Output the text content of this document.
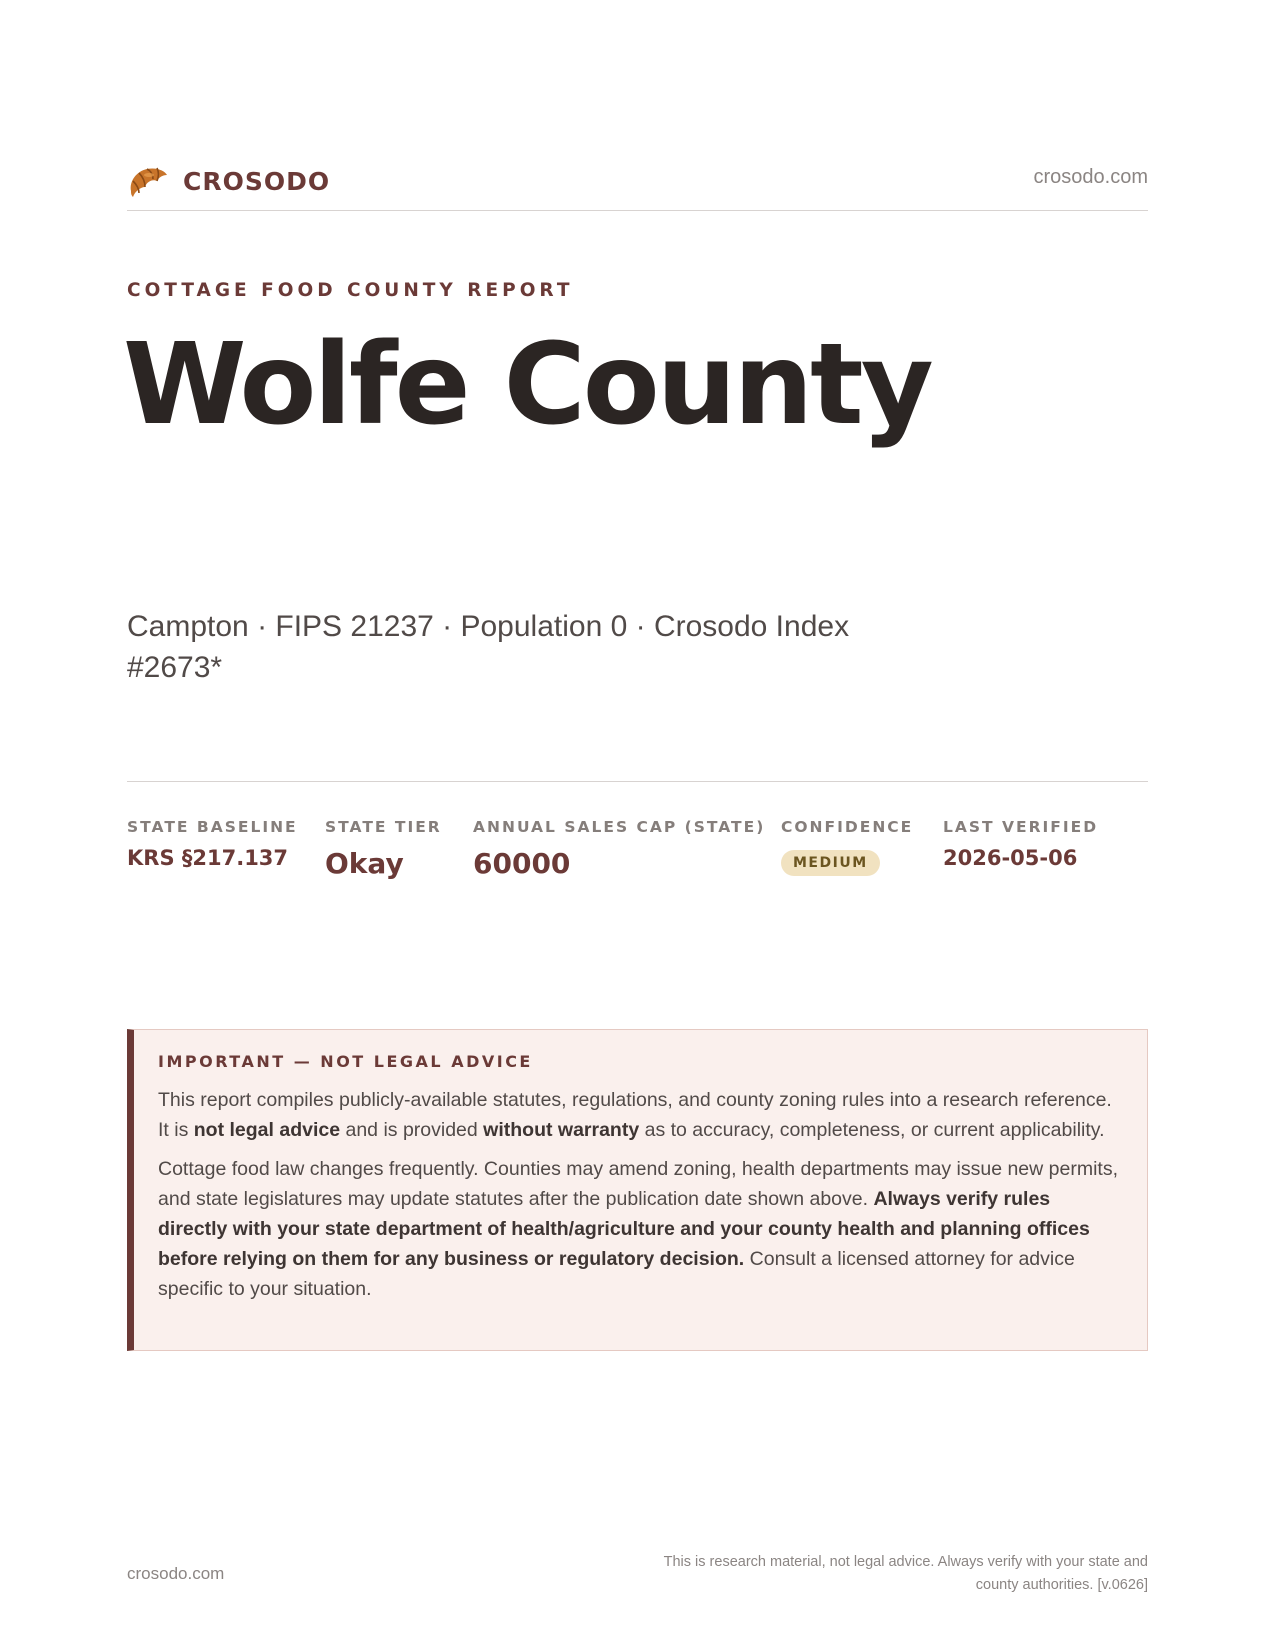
CROSODO	crosodo.com
COTTAGE FOOD COUNTY REPORT
Wolfe County
Campton · FIPS 21237 · Population 0 · Crosodo Index #2673*
STATE BASELINE
KRS §217.137
STATE TIER
Okay
ANNUAL SALES CAP (STATE)
60000
CONFIDENCE
MEDIUM
LAST VERIFIED
2026-05-06
IMPORTANT — NOT LEGAL ADVICE

This report compiles publicly-available statutes, regulations, and county zoning rules into a research reference. It is not legal advice and is provided without warranty as to accuracy, completeness, or current applicability.

Cottage food law changes frequently. Counties may amend zoning, health departments may issue new permits, and state legislatures may update statutes after the publication date shown above. Always verify rules directly with your state department of health/agriculture and your county health and planning offices before relying on them for any business or regulatory decision. Consult a licensed attorney for advice specific to your situation.

crosodo.com
This is research material, not legal advice. Always verify with your state and county authorities. [v.0626]
